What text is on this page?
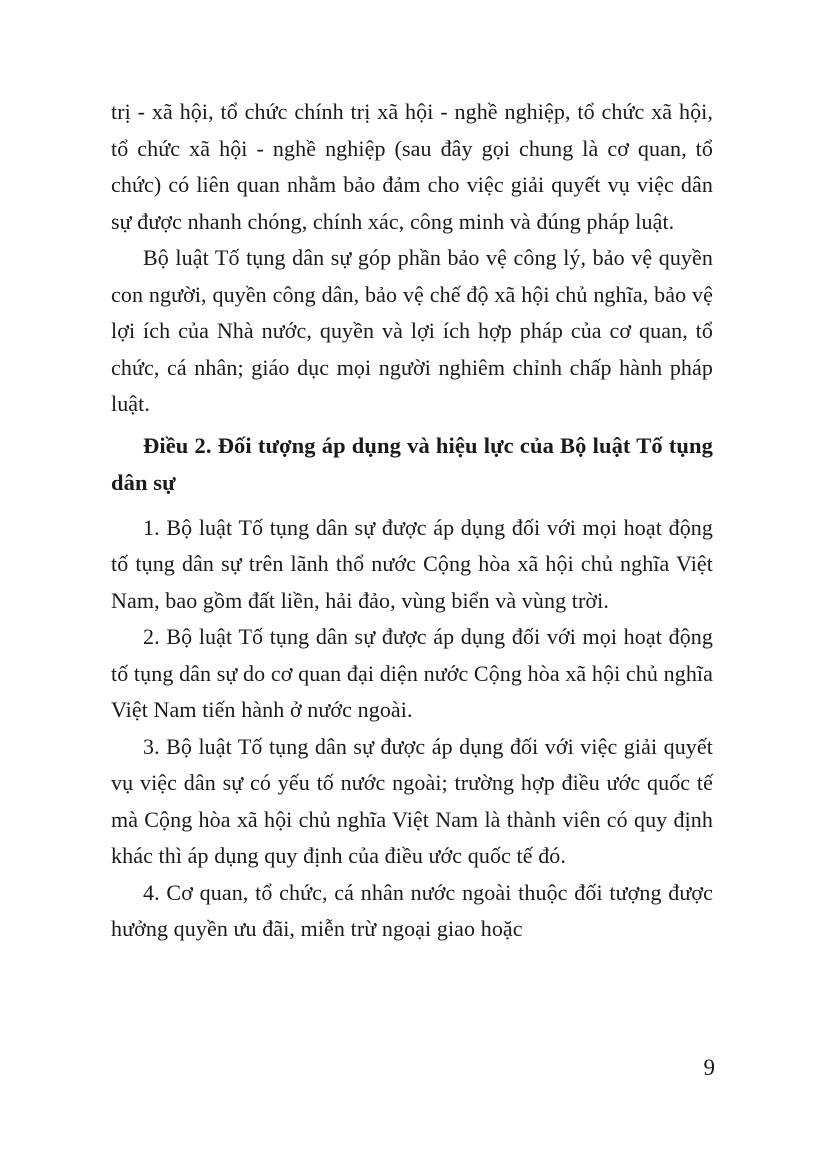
trị - xã hội, tổ chức chính trị xã hội - nghề nghiệp, tổ chức xã hội, tổ chức xã hội - nghề nghiệp (sau đây gọi chung là cơ quan, tổ chức) có liên quan nhằm bảo đảm cho việc giải quyết vụ việc dân sự được nhanh chóng, chính xác, công minh và đúng pháp luật.

Bộ luật Tố tụng dân sự góp phần bảo vệ công lý, bảo vệ quyền con người, quyền công dân, bảo vệ chế độ xã hội chủ nghĩa, bảo vệ lợi ích của Nhà nước, quyền và lợi ích hợp pháp của cơ quan, tổ chức, cá nhân; giáo dục mọi người nghiêm chỉnh chấp hành pháp luật.

Điều 2. Đối tượng áp dụng và hiệu lực của Bộ luật Tố tụng dân sự

1. Bộ luật Tố tụng dân sự được áp dụng đối với mọi hoạt động tố tụng dân sự trên lãnh thổ nước Cộng hòa xã hội chủ nghĩa Việt Nam, bao gồm đất liền, hải đảo, vùng biển và vùng trời.

2. Bộ luật Tố tụng dân sự được áp dụng đối với mọi hoạt động tố tụng dân sự do cơ quan đại diện nước Cộng hòa xã hội chủ nghĩa Việt Nam tiến hành ở nước ngoài.

3. Bộ luật Tố tụng dân sự được áp dụng đối với việc giải quyết vụ việc dân sự có yếu tố nước ngoài; trường hợp điều ước quốc tế mà Cộng hòa xã hội chủ nghĩa Việt Nam là thành viên có quy định khác thì áp dụng quy định của điều ước quốc tế đó.

4. Cơ quan, tổ chức, cá nhân nước ngoài thuộc đối tượng được hưởng quyền ưu đãi, miễn trừ ngoại giao hoặc

9
